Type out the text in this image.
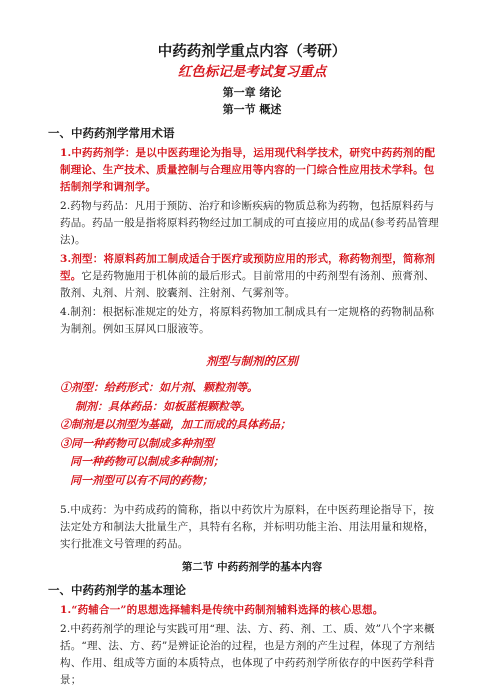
中药药剂学重点内容（考研）
红色标记是考试复习重点
第一章 绪论
第一节 概述
一、中药药剂学常用术语

1.中药药剂学：是以中医药理论为指导，运用现代科学技术，研究中药药剂的配制理论、生产技术、质量控制与合理应用等内容的一门综合性应用技术学科。包括制剂学和调剂学。

2.药物与药品：凡用于预防、治疗和诊断疾病的物质总称为药物，包括原料药与药品。药品一般是指将原料药物经过加工制成的可直接应用的成品(参考药品管理法)。

3.剂型：将原料药加工制成适合于医疗或预防应用的形式，称药物剂型，简称剂型。它是药物施用于机体前的最后形式。目前常用的中药剂型有汤剂、煎膏剂、散剂、丸剂、片剂、胶囊剂、注射剂、气雾剂等。

4.制剂：根据标准规定的处方，将原料药物加工制成具有一定规格的药物制品称为制剂。例如玉屏风口服液等。

剂型与制剂的区别
①剂型：给药形式：如片剂、颗粒剂等。
制剂：具体药品：如板蓝根颗粒等。
②制剂是以剂型为基础，加工而成的具体药品；
③同一种药物可以制成多种剂型
同一种药物可以制成多种制剂；
同一剂型可以有不同的药物；

5.中成药：为中药成药的简称，指以中药饮片为原料，在中医药理论指导下，按法定处方和制法大批量生产，具特有名称，并标明功能主治、用法用量和规格，实行批准文号管理的药品。

第二节 中药药剂学的基本内容
一、中药药剂学的基本理论

1.“药辅合一”的思想选择辅料是传统中药制剂辅料选择的核心思想。

2.中药药剂学的理论与实践可用“理、法、方、药、剂、工、质、效”八个字来概括。“理、法、方、药”是辨证论治的过程，也是方剂的产生过程，体现了方剂结构、作用、组成等方面的本质特点，也体现了中药药剂学所依存的中医药学科背景；
